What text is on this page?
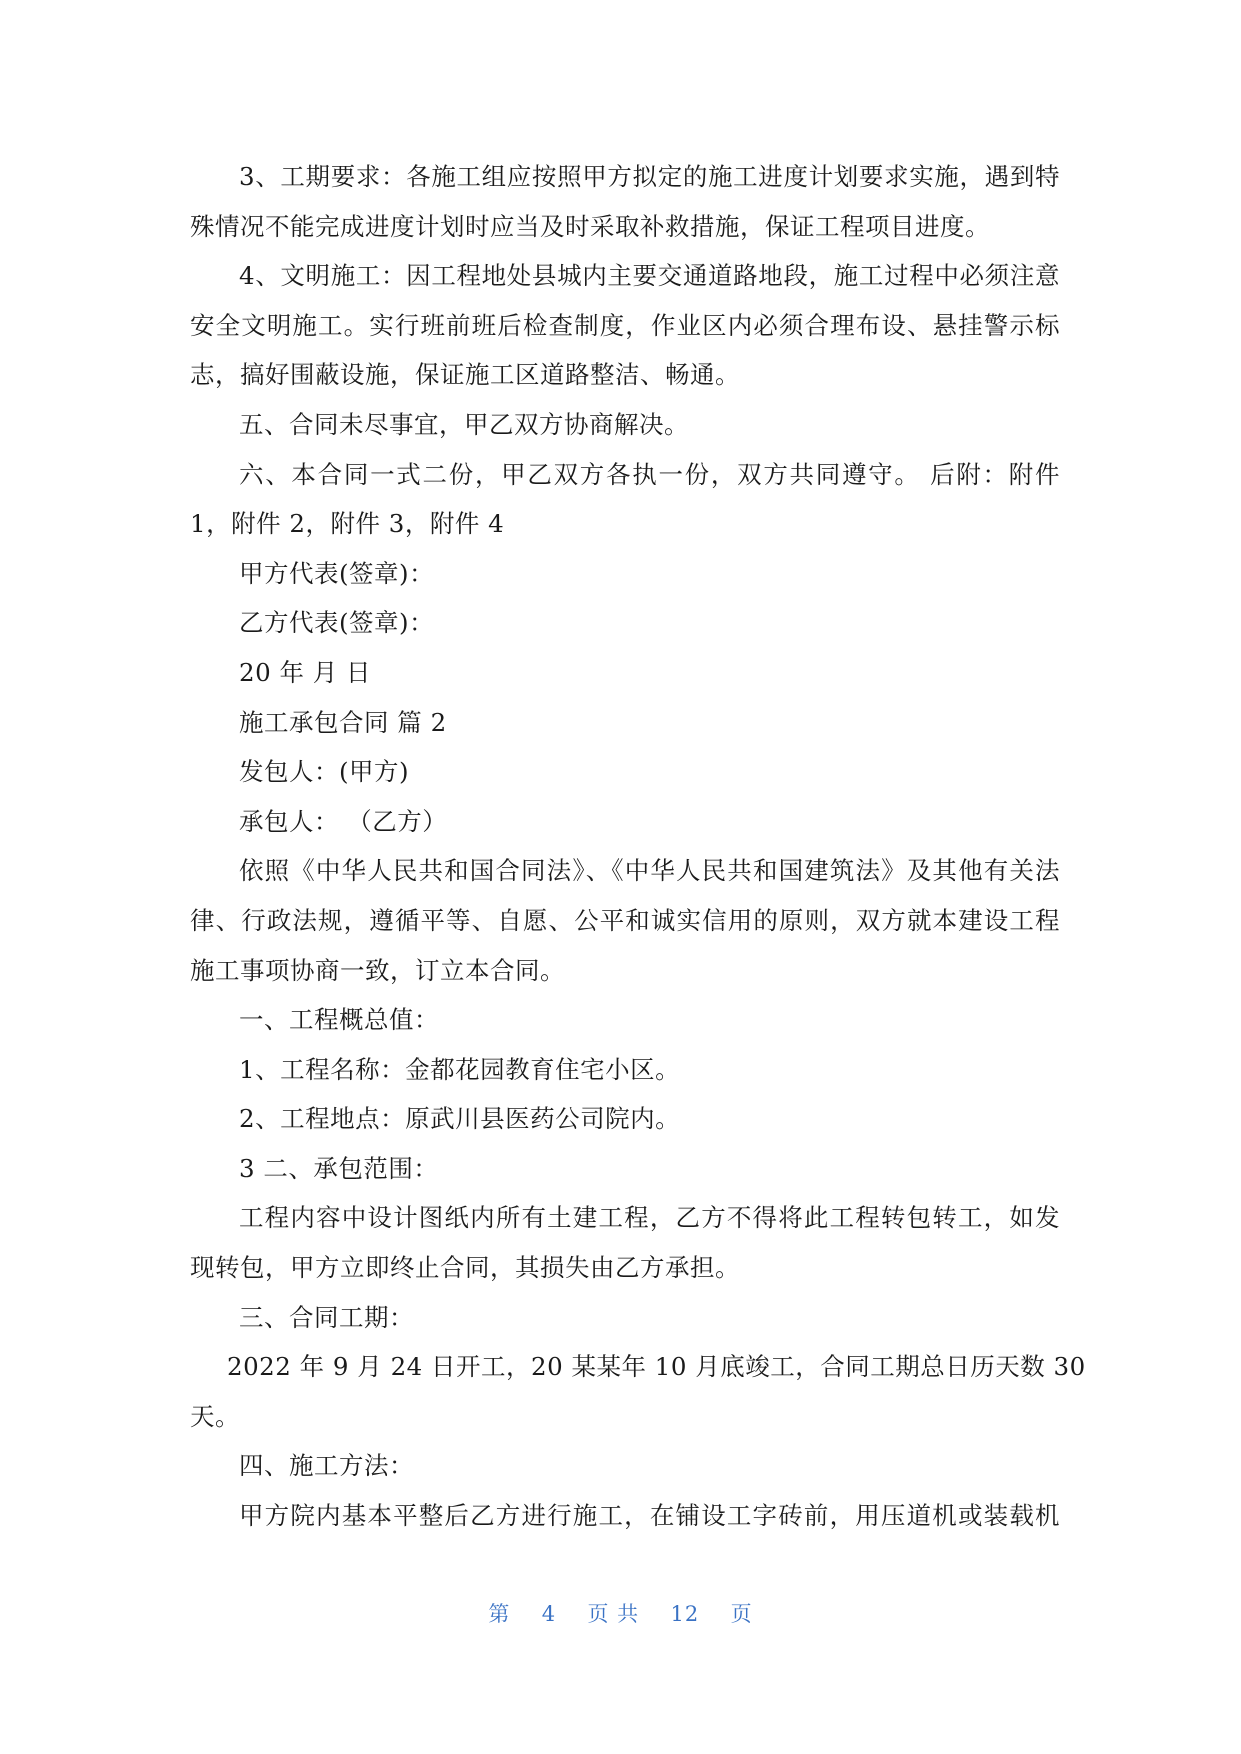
3、工期要求：各施工组应按照甲方拟定的施工进度计划要求实施，遇到特
殊情况不能完成进度计划时应当及时采取补救措施，保证工程项目进度。
4、文明施工：因工程地处县城内主要交通道路地段，施工过程中必须注意
安全文明施工。实行班前班后检查制度，作业区内必须合理布设、悬挂警示标
志，搞好围蔽设施，保证施工区道路整洁、畅通。
五、合同未尽事宜，甲乙双方协商解决。
六、本合同一式二份，甲乙双方各执一份，双方共同遵守。 后附：附件
1，附件 2，附件 3，附件 4
甲方代表(签章)：
乙方代表(签章)：
20 年 月 日
施工承包合同 篇 2
发包人：(甲方)
承包人： （乙方）
依照《中华人民共和国合同法》、《中华人民共和国建筑法》及其他有关法
律、行政法规，遵循平等、自愿、公平和诚实信用的原则，双方就本建设工程
施工事项协商一致，订立本合同。
一、工程概总值：
1、工程名称：金都花园教育住宅小区。
2、工程地点：原武川县医药公司院内。
3 二、承包范围：
工程内容中设计图纸内所有土建工程，乙方不得将此工程转包转工，如发
现转包，甲方立即终止合同，其损失由乙方承担。
三、合同工期：
2022 年 9 月 24 日开工，20 某某年 10 月底竣工，合同工期总日历天数 30
天。
四、施工方法：
甲方院内基本平整后乙方进行施工，在铺设工字砖前，用压道机或装载机
第 4 页 共 12 页
